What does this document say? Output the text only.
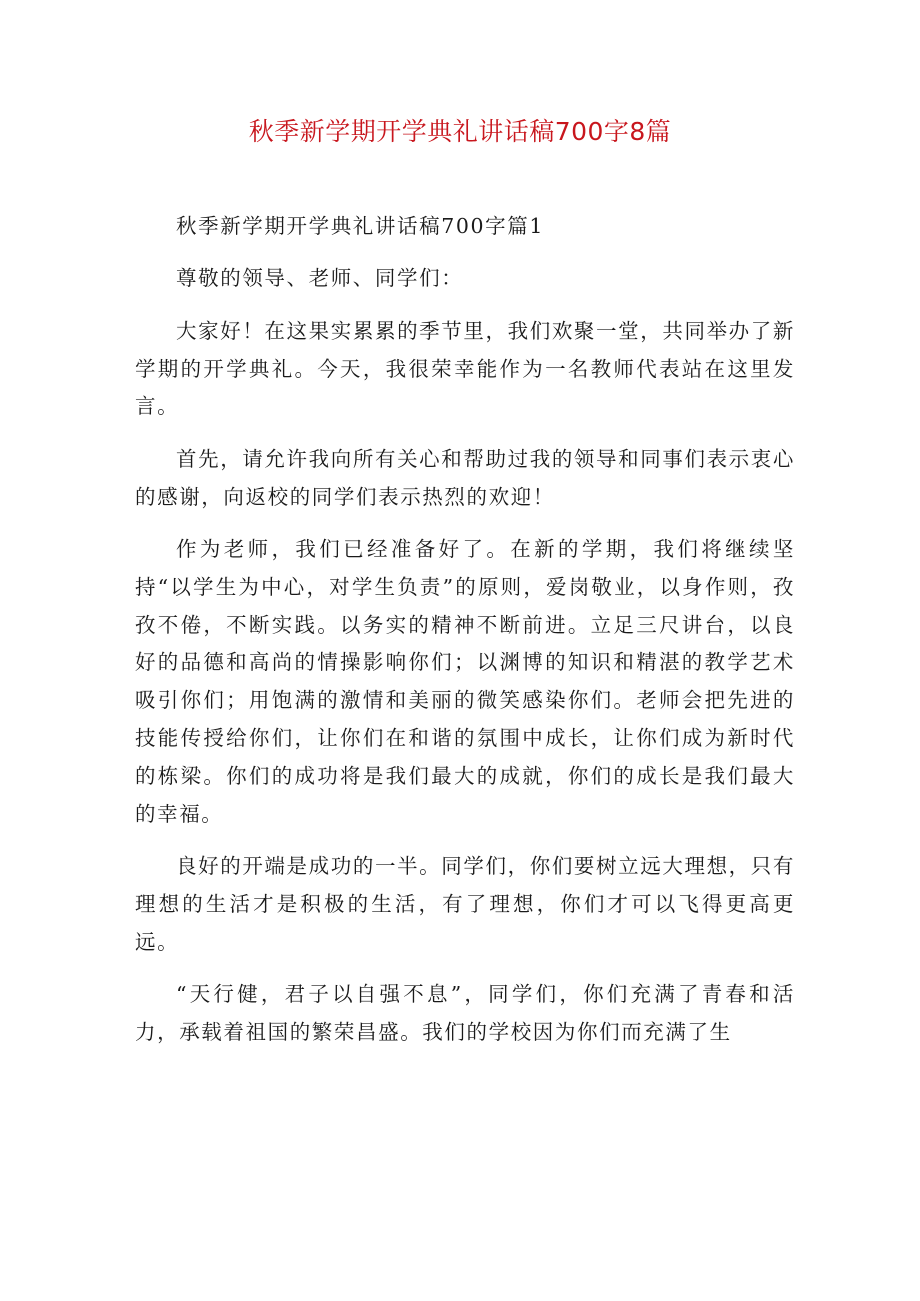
秋季新学期开学典礼讲话稿700字8篇

秋季新学期开学典礼讲话稿700字篇1

尊敬的领导、老师、同学们：

大家好！在这果实累累的季节里，我们欢聚一堂，共同举办了新学期的开学典礼。今天，我很荣幸能作为一名教师代表站在这里发言。

首先，请允许我向所有关心和帮助过我的领导和同事们表示衷心的感谢，向返校的同学们表示热烈的欢迎！

作为老师，我们已经准备好了。在新的学期，我们将继续坚持“以学生为中心，对学生负责”的原则，爱岗敬业，以身作则，孜孜不倦，不断实践。以务实的精神不断前进。立足三尺讲台，以良好的品德和高尚的情操影响你们；以渊博的知识和精湛的教学艺术吸引你们；用饱满的激情和美丽的微笑感染你们。老师会把先进的技能传授给你们，让你们在和谐的氛围中成长，让你们成为新时代的栋梁。你们的成功将是我们最大的成就，你们的成长是我们最大的幸福。

良好的开端是成功的一半。同学们，你们要树立远大理想，只有理想的生活才是积极的生活，有了理想，你们才可以飞得更高更远。

“天行健，君子以自强不息”，同学们，你们充满了青春和活力，承载着祖国的繁荣昌盛。我们的学校因为你们而充满了生
